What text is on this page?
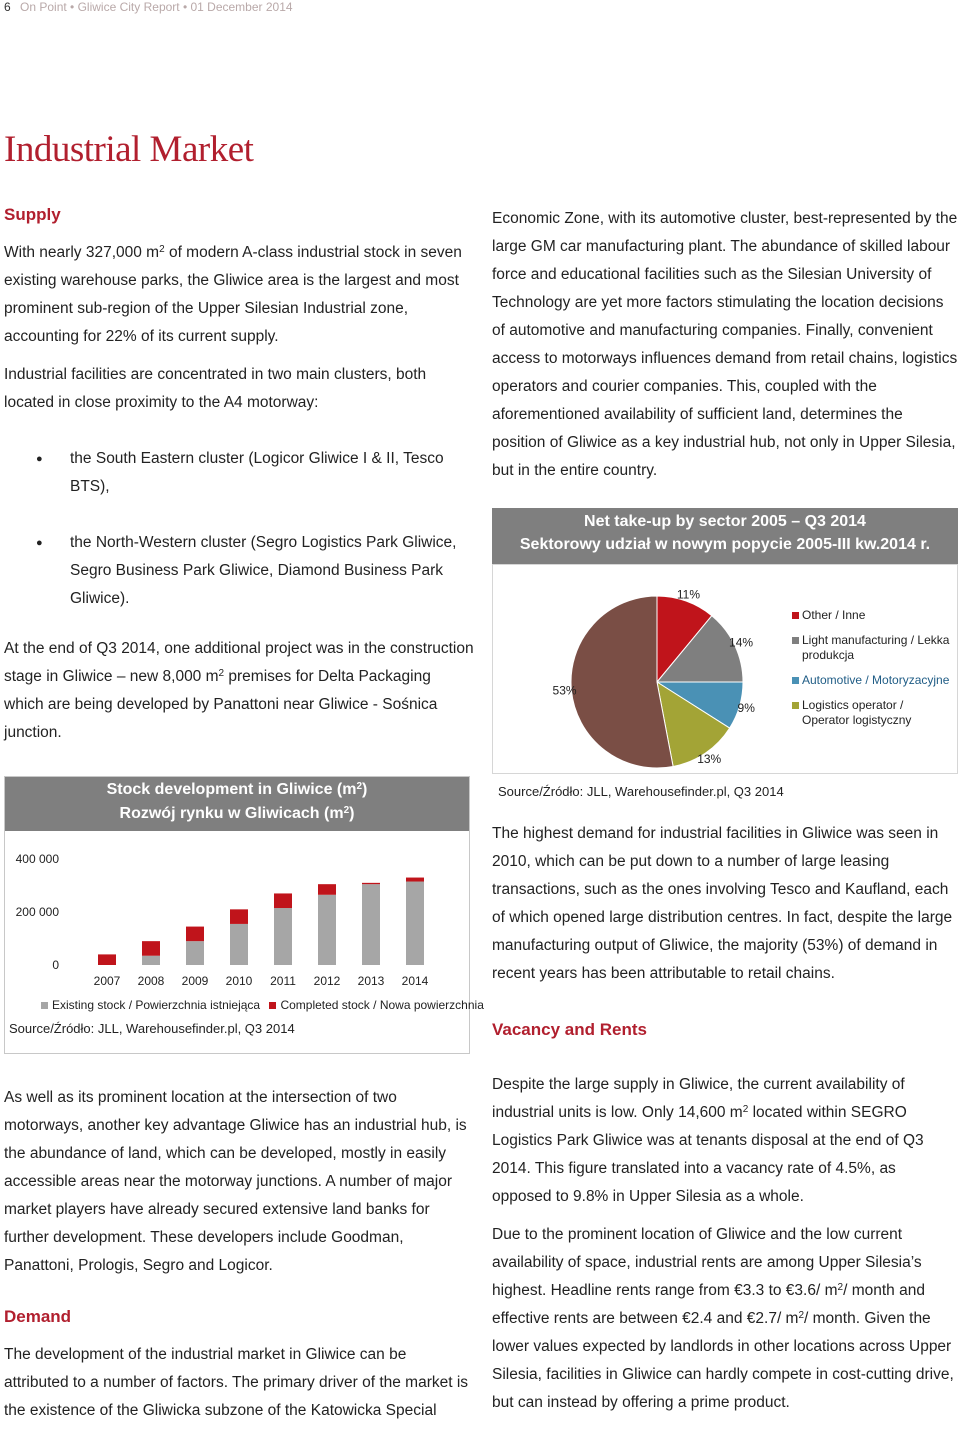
6 On Point • Gliwice City Report • 01 December 2014
Industrial Market
Supply

With nearly 327,000 $m^2$ of modern A-class industrial stock in seven existing warehouse parks, the Gliwice area is the largest and most prominent sub-region of the Upper Silesian Industrial zone, accounting for 22% of its current supply.

Industrial facilities are concentrated in two main clusters, both located in close proximity to the A4 motorway:

● the South Eastern cluster (Logicor Gliwice I & II, Tesco BTS),
● the North-Western cluster (Segro Logistics Park Gliwice, Segro Business Park Gliwice, Diamond Business Park Gliwice).

At the end of Q3 2014, one additional project was in the construction stage in Gliwice – new 8,000 $m^2$ premises for Delta Packaging which are being developed by Panattoni near Gliwice - Sośnica junction.

Stock development in Gliwice $(m^2)$
Rozwój rynku w Gliwicach $(m^2)$
0
200 000
400 000
2007 2008 2009 2010 2011 2012 2013 2014
Existing stock / Powierzchnia istniejąca Completed stock / Nowa powierzchnia
Source/Źródło: JLL, Warehousefinder.pl, Q3 2014

As well as its prominent location at the intersection of two motorways, another key advantage Gliwice has an industrial hub, is the abundance of land, which can be developed, mostly in easily accessible areas near the motorway junctions. A number of major market players have already secured extensive land banks for further development. These developers include Goodman, Panattoni, Prologis, Segro and Logicor.

Demand

The development of the industrial market in Gliwice can be attributed to a number of factors. The primary driver of the market is the existence of the Gliwicka subzone of the Katowicka Special

Economic Zone, with its automotive cluster, best-represented by the large GM car manufacturing plant. The abundance of skilled labour force and educational facilities such as the Silesian University of Technology are yet more factors stimulating the location decisions of automotive and manufacturing companies. Finally, convenient access to motorways influences demand from retail chains, logistics operators and courier companies. This, coupled with the aforementioned availability of sufficient land, determines the position of Gliwice as a key industrial hub, not only in Upper Silesia, but in the entire country.

Net take-up by sector 2005 – Q3 2014
Sektorowy udział w nowym popycie 2005-III kw.2014 r.
11%
14%
9%
13%
53%
Other / Inne
Light manufacturing / Lekka
produkcja
Automotive / Motoryzacyjne
Logistics operator /
Operator logistyczny
Source/Źródło: JLL, Warehousefinder.pl, Q3 2014

The highest demand for industrial facilities in Gliwice was seen in 2010, which can be put down to a number of large leasing transactions, such as the ones involving Tesco and Kaufland, each of which opened large distribution centres. In fact, despite the large manufacturing output of Gliwice, the majority (53%) of demand in recent years has been attributable to retail chains.

Vacancy and Rents

Despite the large supply in Gliwice, the current availability of industrial units is low. Only 14,600 $m^2$ located within SEGRO Logistics Park Gliwice was at tenants disposal at the end of Q3 2014. This figure translated into a vacancy rate of 4.5%, as opposed to 9.8% in Upper Silesia as a whole.

Due to the prominent location of Gliwice and the low current availability of space, industrial rents are among Upper Silesia’s highest. Headline rents range from €3.3 to €3.6/ $m^2/$ month and effective rents are between €2.4 and €2.7/ $m^2/$ month. Given the lower values expected by landlords in other locations across Upper Silesia, facilities in Gliwice can hardly compete in cost-cutting drive, but can instead by offering a prime product.
